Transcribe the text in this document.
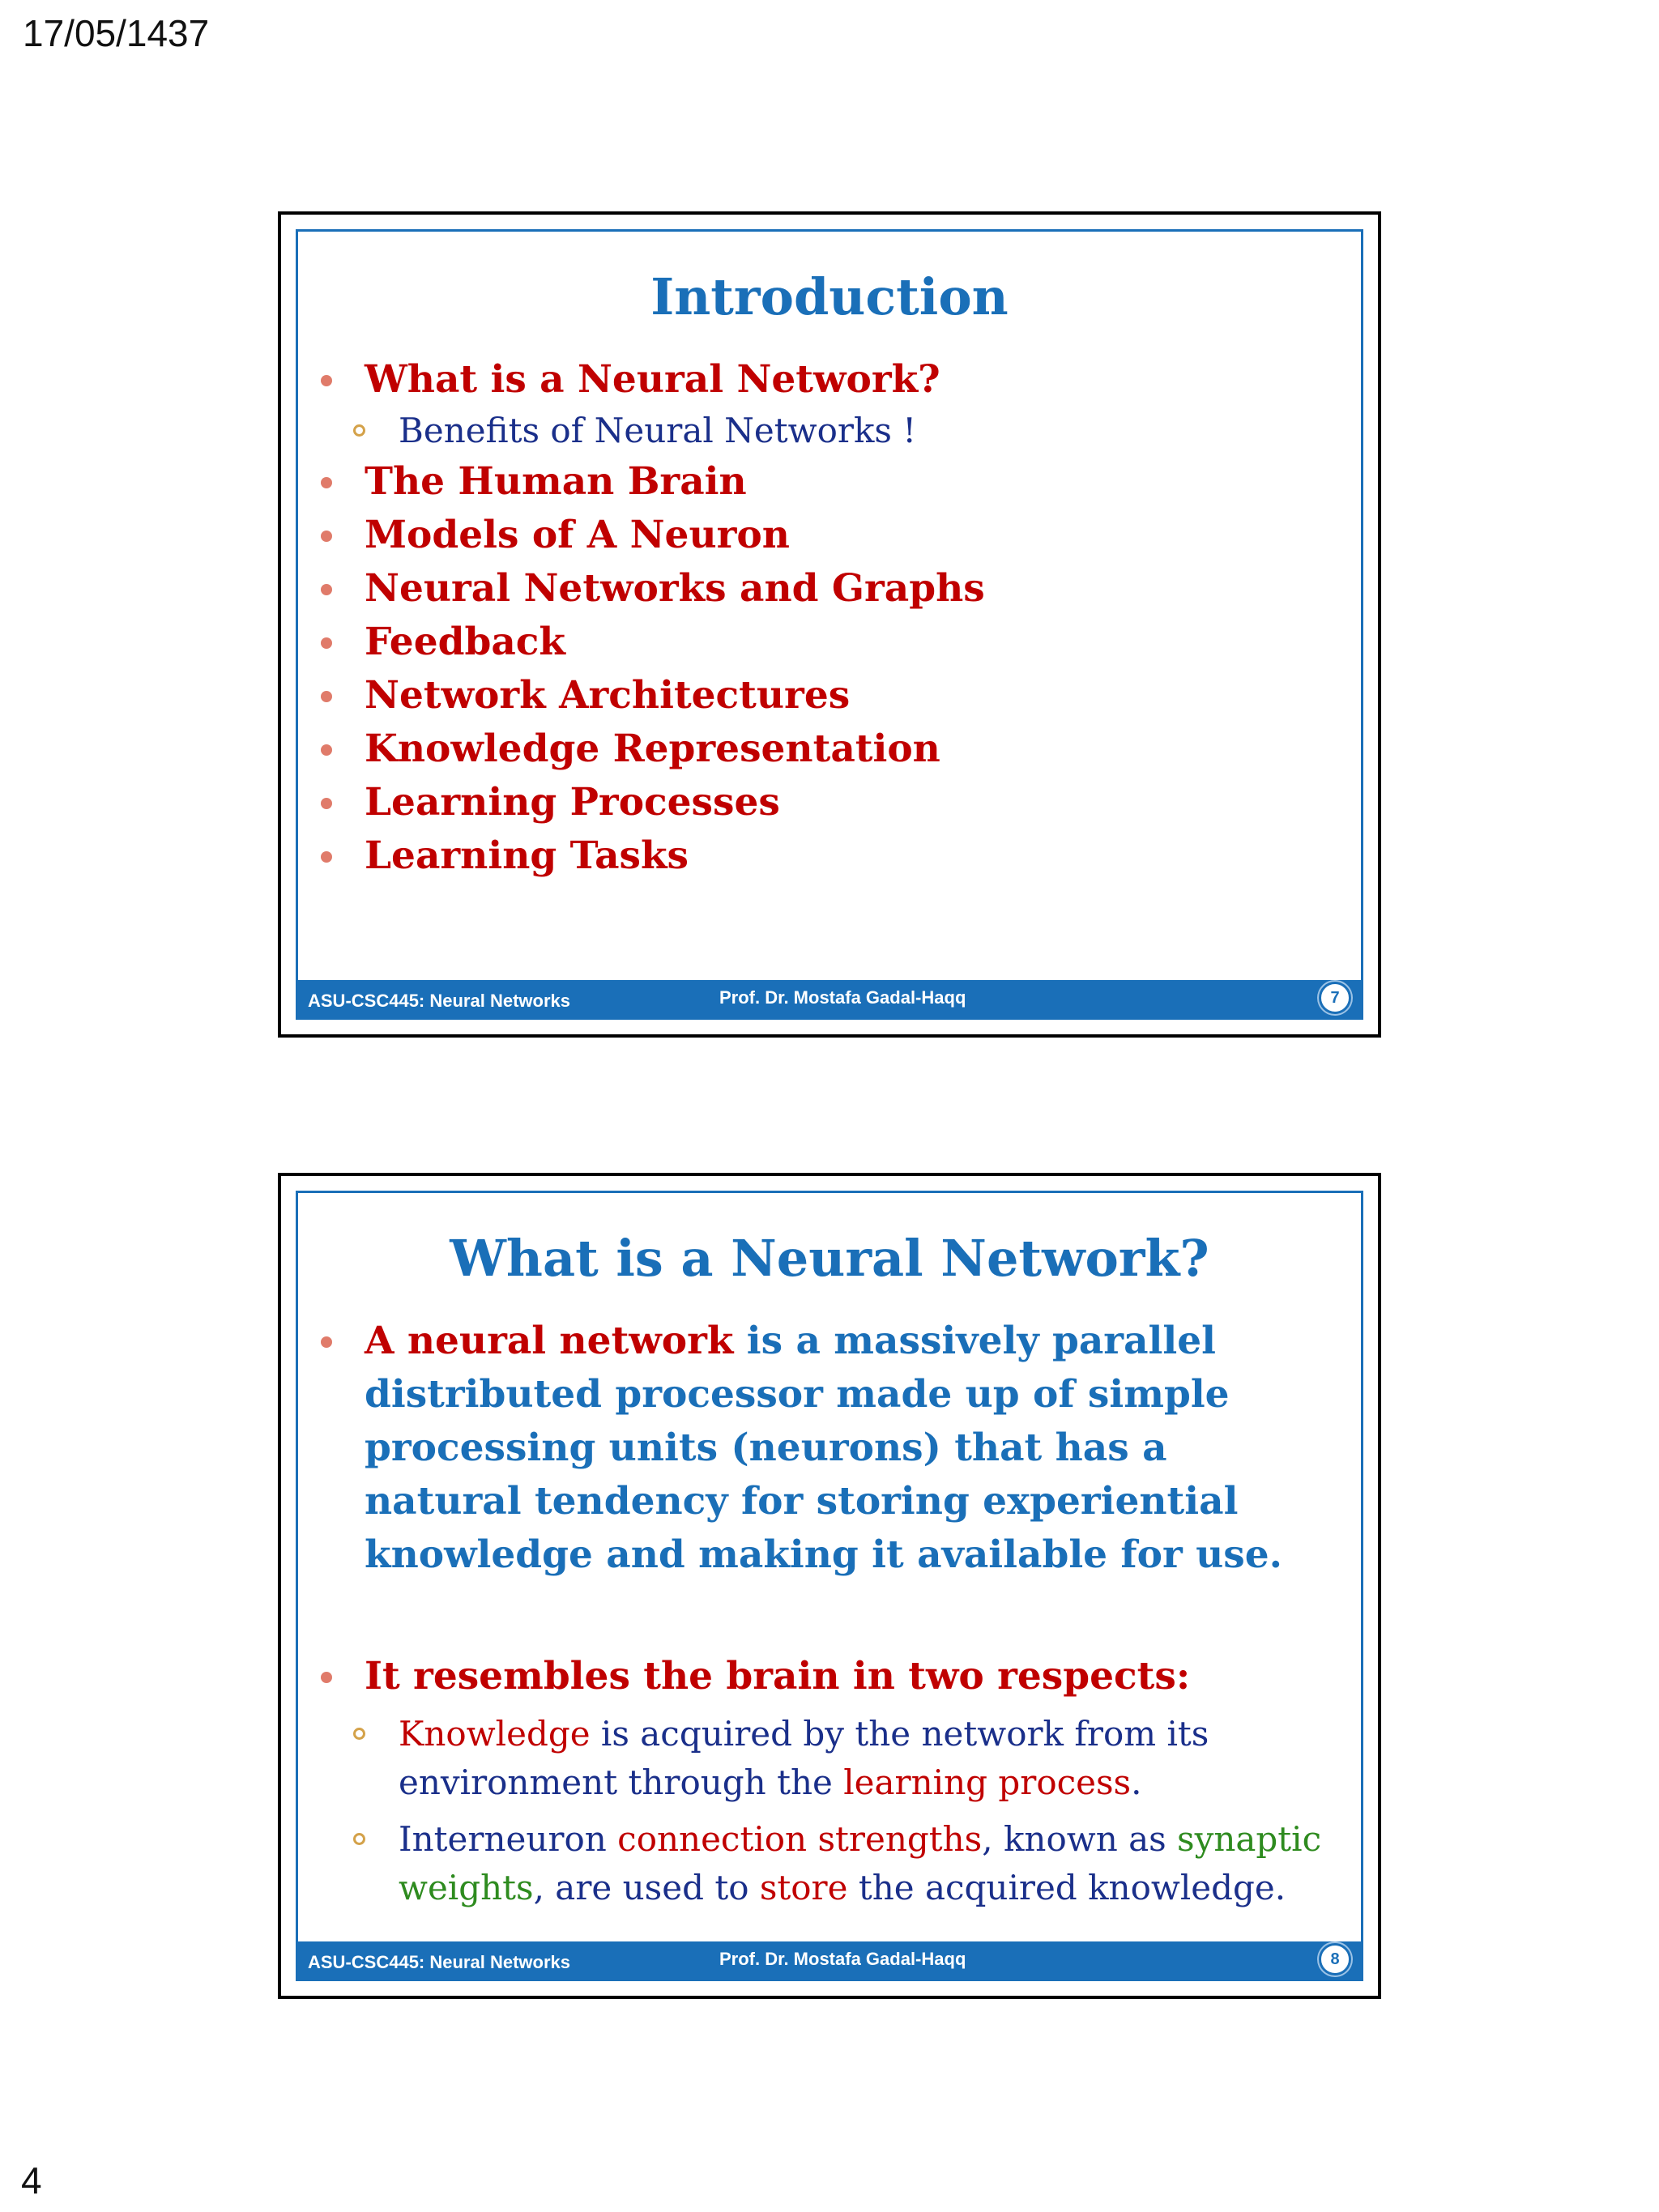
17/05/1437
Introduction
What is a Neural Network?
Benefits of Neural Networks !
The Human Brain
Models of A Neuron
Neural Networks and Graphs
Feedback
Network Architectures
Knowledge Representation
Learning Processes
Learning Tasks
ASU-CSC445: Neural Networks	Prof. Dr. Mostafa Gadal-Haqq	7
What is a Neural Network?
A neural network is a massively parallel distributed processor made up of simple processing units (neurons) that has a natural tendency for storing experiential knowledge and making it available for use.
It resembles the brain in two respects:
Knowledge is acquired by the network from its environment through the learning process.
Interneuron connection strengths, known as synaptic weights, are used to store the acquired knowledge.
ASU-CSC445: Neural Networks	Prof. Dr. Mostafa Gadal-Haqq	8
4
